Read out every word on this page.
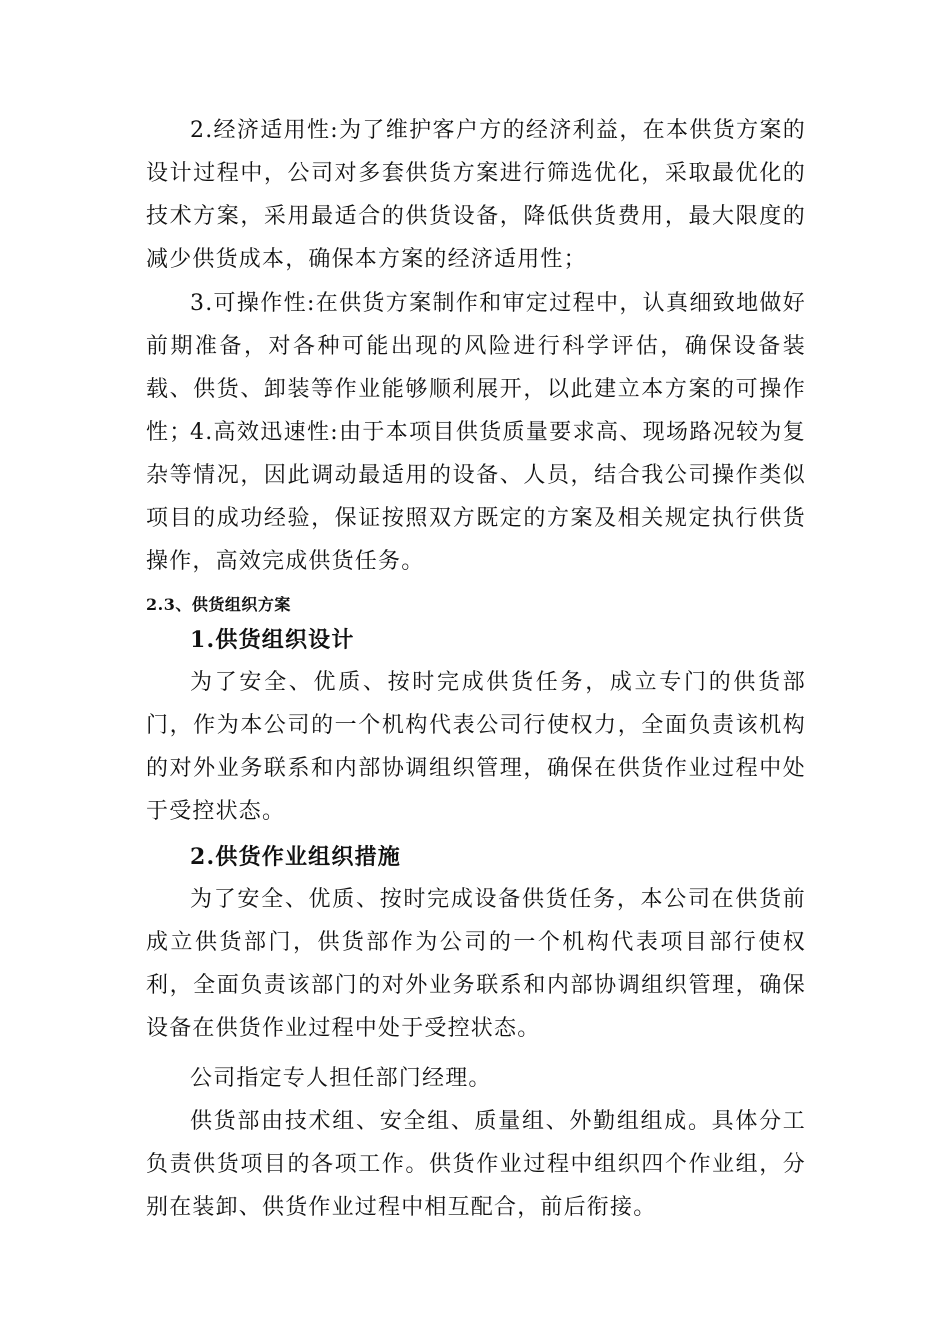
2.经济适用性:为了维护客户方的经济利益，在本供货方案的设计过程中，公司对多套供货方案进行筛选优化，采取最优化的技术方案，采用最适合的供货设备，降低供货费用，最大限度的减少供货成本，确保本方案的经济适用性；

3.可操作性:在供货方案制作和审定过程中，认真细致地做好前期准备，对各种可能出现的风险进行科学评估，确保设备装载、供货、卸装等作业能够顺利展开，以此建立本方案的可操作性；

4.高效迅速性:由于本项目供货质量要求高、现场路况较为复杂等情况，因此调动最适用的设备、人员，结合我公司操作类似项目的成功经验，保证按照双方既定的方案及相关规定执行供货操作，高效完成供货任务。

2.3、供货组织方案
1.供货组织设计

为了安全、优质、按时完成供货任务，成立专门的供货部门，作为本公司的一个机构代表公司行使权力，全面负责该机构的对外业务联系和内部协调组织管理，确保在供货作业过程中处于受控状态。

2.供货作业组织措施

为了安全、优质、按时完成设备供货任务，本公司在供货前成立供货部门，供货部作为公司的一个机构代表项目部行使权利，全面负责该部门的对外业务联系和内部协调组织管理，确保设备在供货作业过程中处于受控状态。

公司指定专人担任部门经理。

供货部由技术组、安全组、质量组、外勤组组成。具体分工负责供货项目的各项工作。供货作业过程中组织四个作业组，分别在装卸、供货作业过程中相互配合，前后衔接。
